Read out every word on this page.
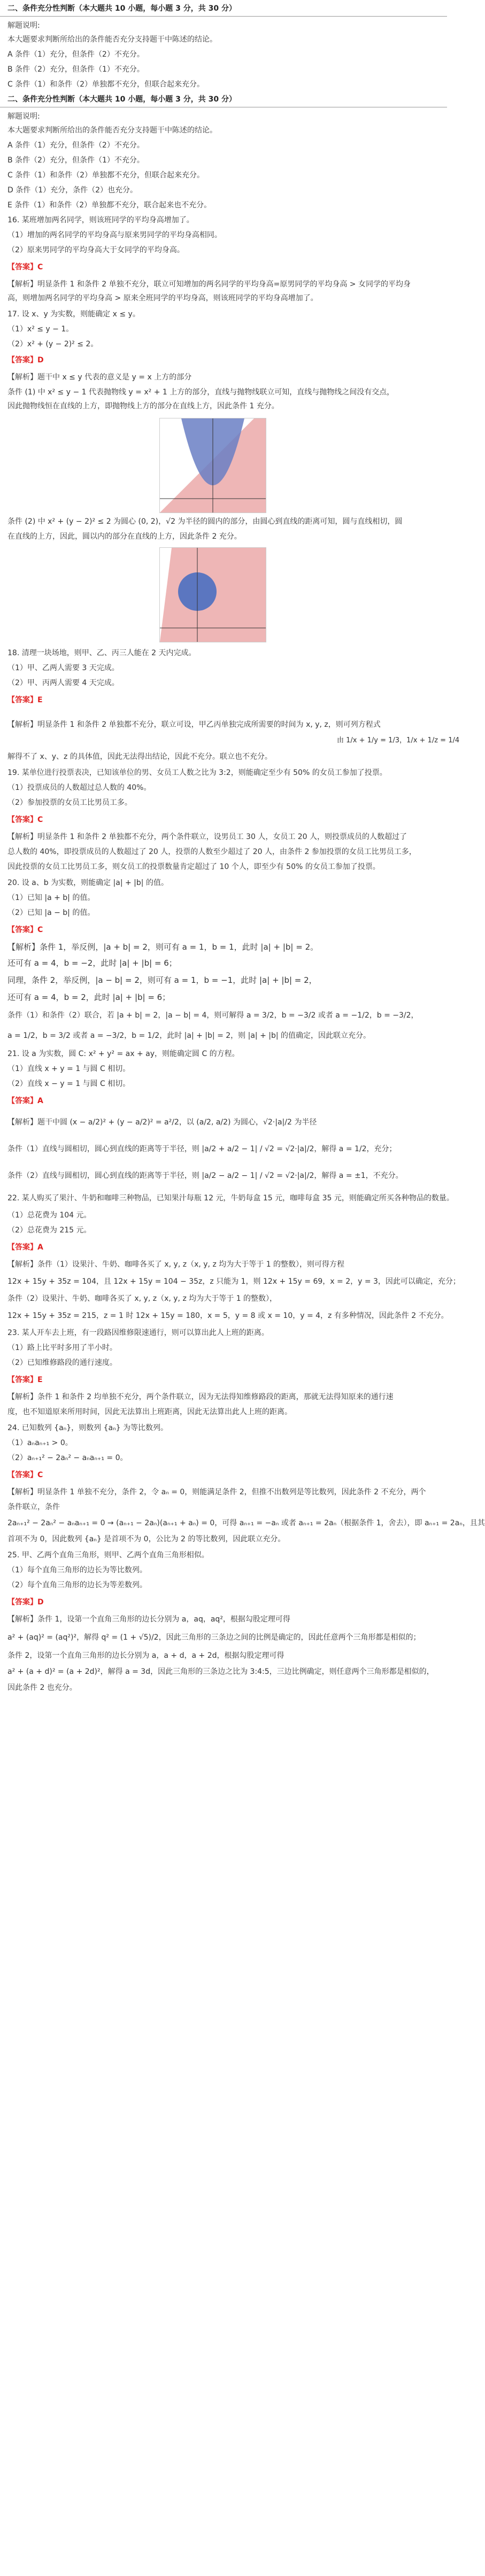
二、条件充分性判断（本大题共 10 小题，每小题 3 分，共 30 分）
解题说明:
本大题要求判断所给出的条件能否充分支持题干中陈述的结论。
A 条件（1）充分，但条件（2）不充分。
B 条件（2）充分，但条件（1）不充分。
C 条件（1）和条件（2）单独都不充分，但联合起来充分。
二、条件充分性判断（本大题共 10 小题，每小题 3 分，共 30 分）
解题说明:
本大题要求判断所给出的条件能否充分支持题干中陈述的结论。
A 条件（1）充分，但条件（2）不充分。
B 条件（2）充分，但条件（1）不充分。
C 条件（1）和条件（2）单独都不充分，但联合起来充分。
D 条件（1）充分，条件（2）也充分。
E 条件（1）和条件（2）单独都不充分，联合起来也不充分。
16. 某班增加两名同学，则该班同学的平均身高增加了。
（1）增加的两名同学的平均身高与原来男同学的平均身高相同。
（2）原来男同学的平均身高大于女同学的平均身高。
【答案】C
【解析】明显条件 1 和条件 2 单独不充分，联立可知增加的两名同学的平均身高=原男同学的平均身高 > 女同学的平均身
高，则增加两名同学的平均身高 > 原来全班同学的平均身高，则该班同学的平均身高增加了。
17. 设 x、y 为实数，则能确定 x ≤ y。
（1）x² ≤ y − 1。
（2）x² + (y − 2)² ≤ 2。
【答案】D
【解析】题干中 x ≤ y 代表的意义是 y = x 上方的部分
条件 (1) 中 x² ≤ y − 1 代表抛物线 y = x² + 1 上方的部分，直线与抛物线联立可知，直线与抛物线之间没有交点，
因此抛物线恒在直线的上方，即抛物线上方的部分在直线上方，因此条件 1 充分。
条件 (2) 中 x² + (y − 2)² ≤ 2 为圆心 (0, 2)，√2 为半径的圆内的部分，由圆心到直线的距离可知，圆与直线相切，圆
在直线的上方，因此，圆以内的部分在直线的上方，因此条件 2 充分。
18. 清理一块场地，则甲、乙、丙三人能在 2 天内完成。
（1）甲、乙两人需要 3 天完成。
（2）甲、丙两人需要 4 天完成。
【答案】E
【解析】明显条件 1 和条件 2 单独都不充分，联立可设，甲乙丙单独完成所需要的时间为 x, y, z，则可列方程式
由 1/x + 1/y = 1/3，1/x + 1/z = 1/4
解得不了 x、y、z 的具体值，因此无法得出结论，因此不充分。联立也不充分。
19. 某单位进行投票表决，已知该单位的男、女员工人数之比为 3:2，则能确定至少有 50% 的女员工参加了投票。
（1）投票成员的人数超过总人数的 40%。
（2）参加投票的女员工比男员工多。
【答案】C
【解析】明显条件 1 和条件 2 单独都不充分，两个条件联立，设男员工 30 人，女员工 20 人，则投票成员的人数超过了
总人数的 40%，即投票成员的人数超过了 20 人，投票的人数至少超过了 20 人，由条件 2 参加投票的女员工比男员工多，
因此投票的女员工比男员工多，则女员工的投票数量肯定超过了 10 个人，即至少有 50% 的女员工参加了投票。
20. 设 a、b 为实数，则能确定 |a| + |b| 的值。
（1）已知 |a + b| 的值。
（2）已知 |a − b| 的值。
【答案】C
【解析】条件 1，举反例，|a + b| = 2，则可有 a = 1，b = 1，此时 |a| + |b| = 2。
还可有 a = 4，b = −2，此时 |a| + |b| = 6；
同理，条件 2，举反例，|a − b| = 2，则可有 a = 1，b = −1，此时 |a| + |b| = 2，
还可有 a = 4，b = 2，此时 |a| + |b| = 6；
条件（1）和条件（2）联合，若 |a + b| = 2，|a − b| = 4，则可解得 a = 3/2，b = −3/2 或者 a = −1/2，b = −3/2，
a = 1/2，b = 3/2 或者 a = −3/2，b = 1/2，此时 |a| + |b| = 2，则 |a| + |b| 的值确定，因此联立充分。
21. 设 a 为实数，圆 C: x² + y² = ax + ay，则能确定圆 C 的方程。
（1）直线 x + y = 1 与圆 C 相切。
（2）直线 x − y = 1 与圆 C 相切。
【答案】A
【解析】题干中圆 (x − a/2)² + (y − a/2)² = a²/2，以 (a/2, a/2) 为圆心，√2·|a|/2 为半径
条件（1）直线与圆相切，圆心到直线的距离等于半径，则 |a/2 + a/2 − 1| / √2 = √2·|a|/2，解得 a = 1/2，充分；
条件（2）直线与圆相切，圆心到直线的距离等于半径，则 |a/2 − a/2 − 1| / √2 = √2·|a|/2，解得 a = ±1，不充分。
22. 某人购买了果汁、牛奶和咖啡三种物品，已知果汁每瓶 12 元，牛奶每盒 15 元，咖啡每盒 35 元，则能确定所买各种物品的数量。
（1）总花费为 104 元。
（2）总花费为 215 元。
【答案】A
【解析】条件（1）设果汁、牛奶、咖啡各买了 x, y, z（x, y, z 均为大于等于 1 的整数），则可得方程
12x + 15y + 35z = 104，且 12x + 15y = 104 − 35z，z 只能为 1，则 12x + 15y = 69，x = 2，y = 3，因此可以确定，充分；
条件（2）设果汁、牛奶、咖啡各买了 x, y, z（x, y, z 均为大于等于 1 的整数），
12x + 15y + 35z = 215，z = 1 时 12x + 15y = 180，x = 5，y = 8 或 x = 10，y = 4，z 有多种情况，因此条件 2 不充分。
23. 某人开车去上班，有一段路因维修限速通行，则可以算出此人上班的距离。
（1）路上比平时多用了半小时。
（2）已知维修路段的通行速度。
【答案】E
【解析】条件 1 和条件 2 均单独不充分，两个条件联立，因为无法得知维修路段的距离，那就无法得知原来的通行速
度，也不知道原来所用时间，因此无法算出上班距离，因此无法算出此人上班的距离。
24. 已知数列 {aₙ}，则数列 {aₙ} 为等比数列。
（1）aₙaₙ₊₁ > 0。
（2）aₙ₊₁² − 2aₙ² − aₙaₙ₊₁ = 0。
【答案】C
【解析】明显条件 1 单独不充分，条件 2，令 aₙ = 0，则能满足条件 2，但推不出数列是等比数列，因此条件 2 不充分，两个
条件联立，条件
2aₙ₊₁² − 2aₙ² − aₙaₙ₊₁ = 0 → (aₙ₊₁ − 2aₙ)(aₙ₊₁ + aₙ) = 0，可得 aₙ₊₁ = −aₙ 或者 aₙ₊₁ = 2aₙ（根据条件 1，舍去），即 aₙ₊₁ = 2aₙ，且其
首项不为 0，因此数列 {aₙ} 是首项不为 0，公比为 2 的等比数列，因此联立充分。
25. 甲、乙两个直角三角形，则甲、乙两个直角三角形相似。
（1）每个直角三角形的边长为等比数列。
（2）每个直角三角形的边长为等差数列。
【答案】D
【解析】条件 1，设第一个直角三角形的边长分别为 a，aq，aq²，根据勾股定理可得
a² + (aq)² = (aq²)²，解得 q² = (1 + √5)/2，因此三角形的三条边之间的比例是确定的，因此任意两个三角形都是相似的；
条件 2，设第一个直角三角形的边长分别为 a，a + d，a + 2d，根据勾股定理可得
a² + (a + d)² = (a + 2d)²，解得 a = 3d，因此三角形的三条边之比为 3:4:5，三边比例确定，则任意两个三角形都是相似的，
因此条件 2 也充分。
